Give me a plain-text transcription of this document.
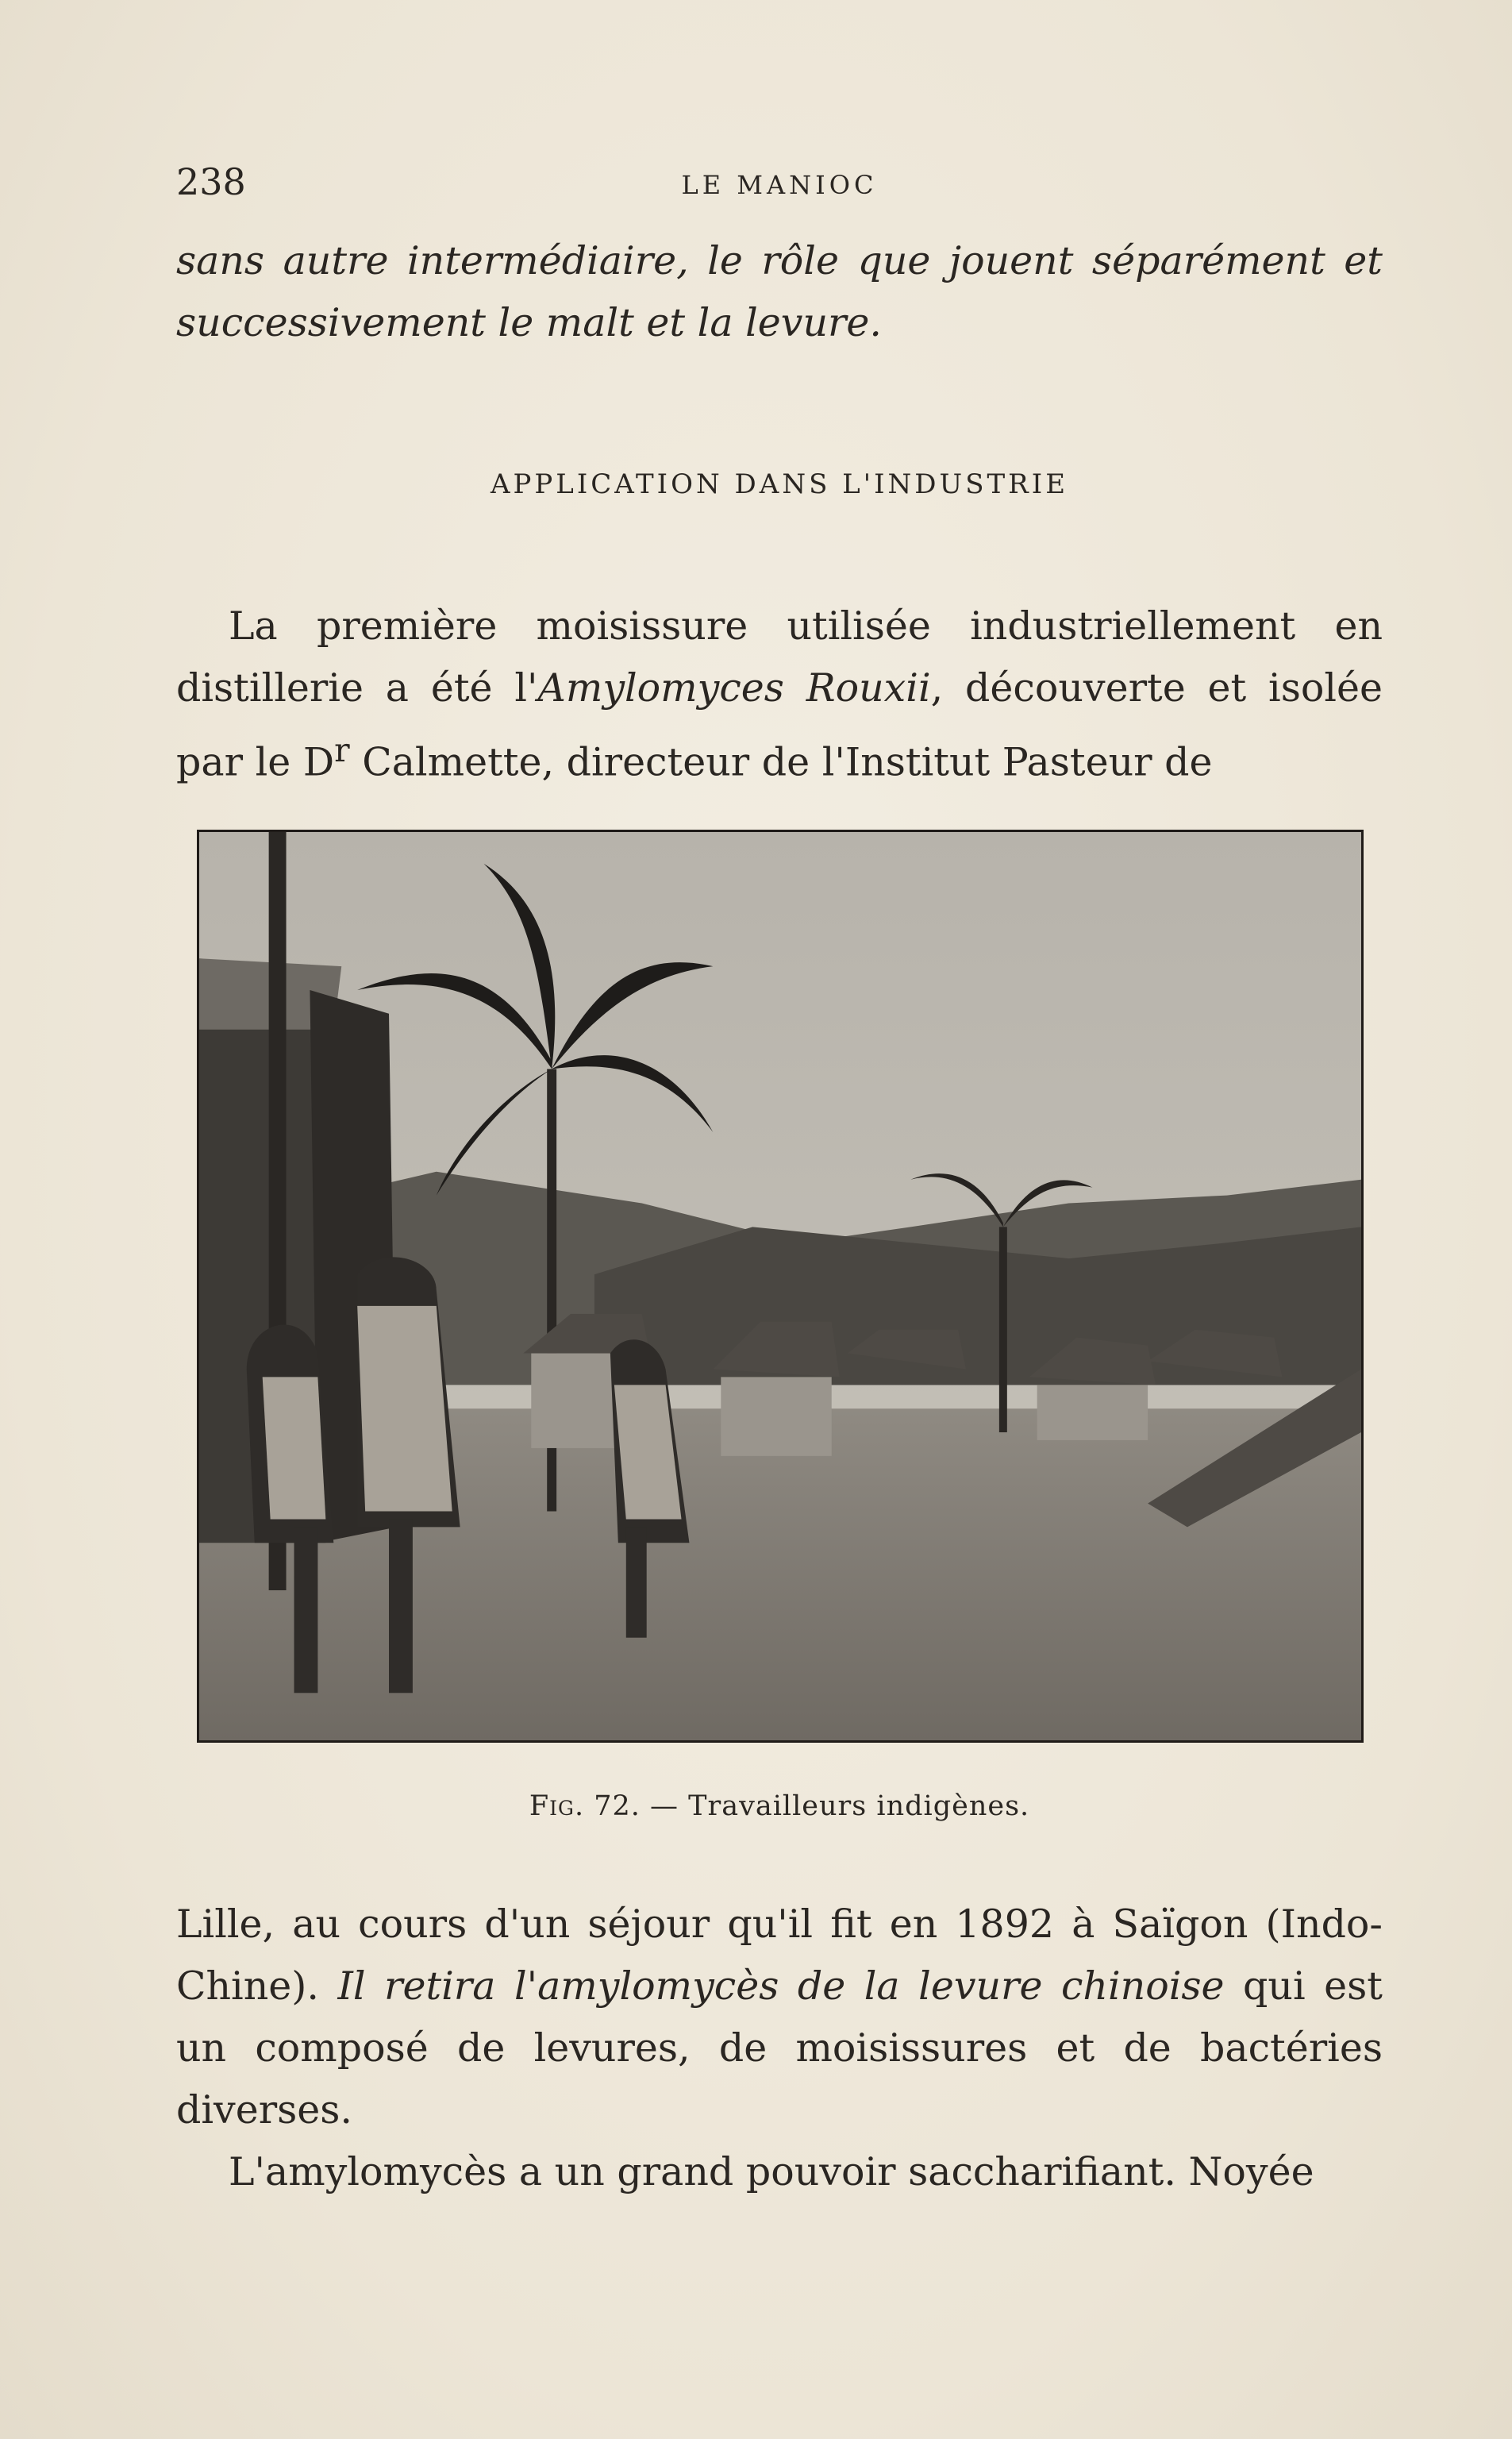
238	LE MANIOC

sans autre intermédiaire, le rôle que jouent séparément et successivement le malt et la levure.

APPLICATION DANS L'INDUSTRIE

La première moisissure utilisée industriellement en distillerie a été l'Amylomyces Rouxii, découverte et isolée par le $D^r$ Calmette, directeur de l'Institut Pasteur de

Fig. 72. — Travailleurs indigènes.

Lille, au cours d'un séjour qu'il fit en 1892 à Saïgon (Indo-Chine). Il retira l'amylomycès de la levure chinoise qui est un composé de levures, de moisissures et de bactéries diverses.

L'amylomycès a un grand pouvoir saccharifiant. Noyée
